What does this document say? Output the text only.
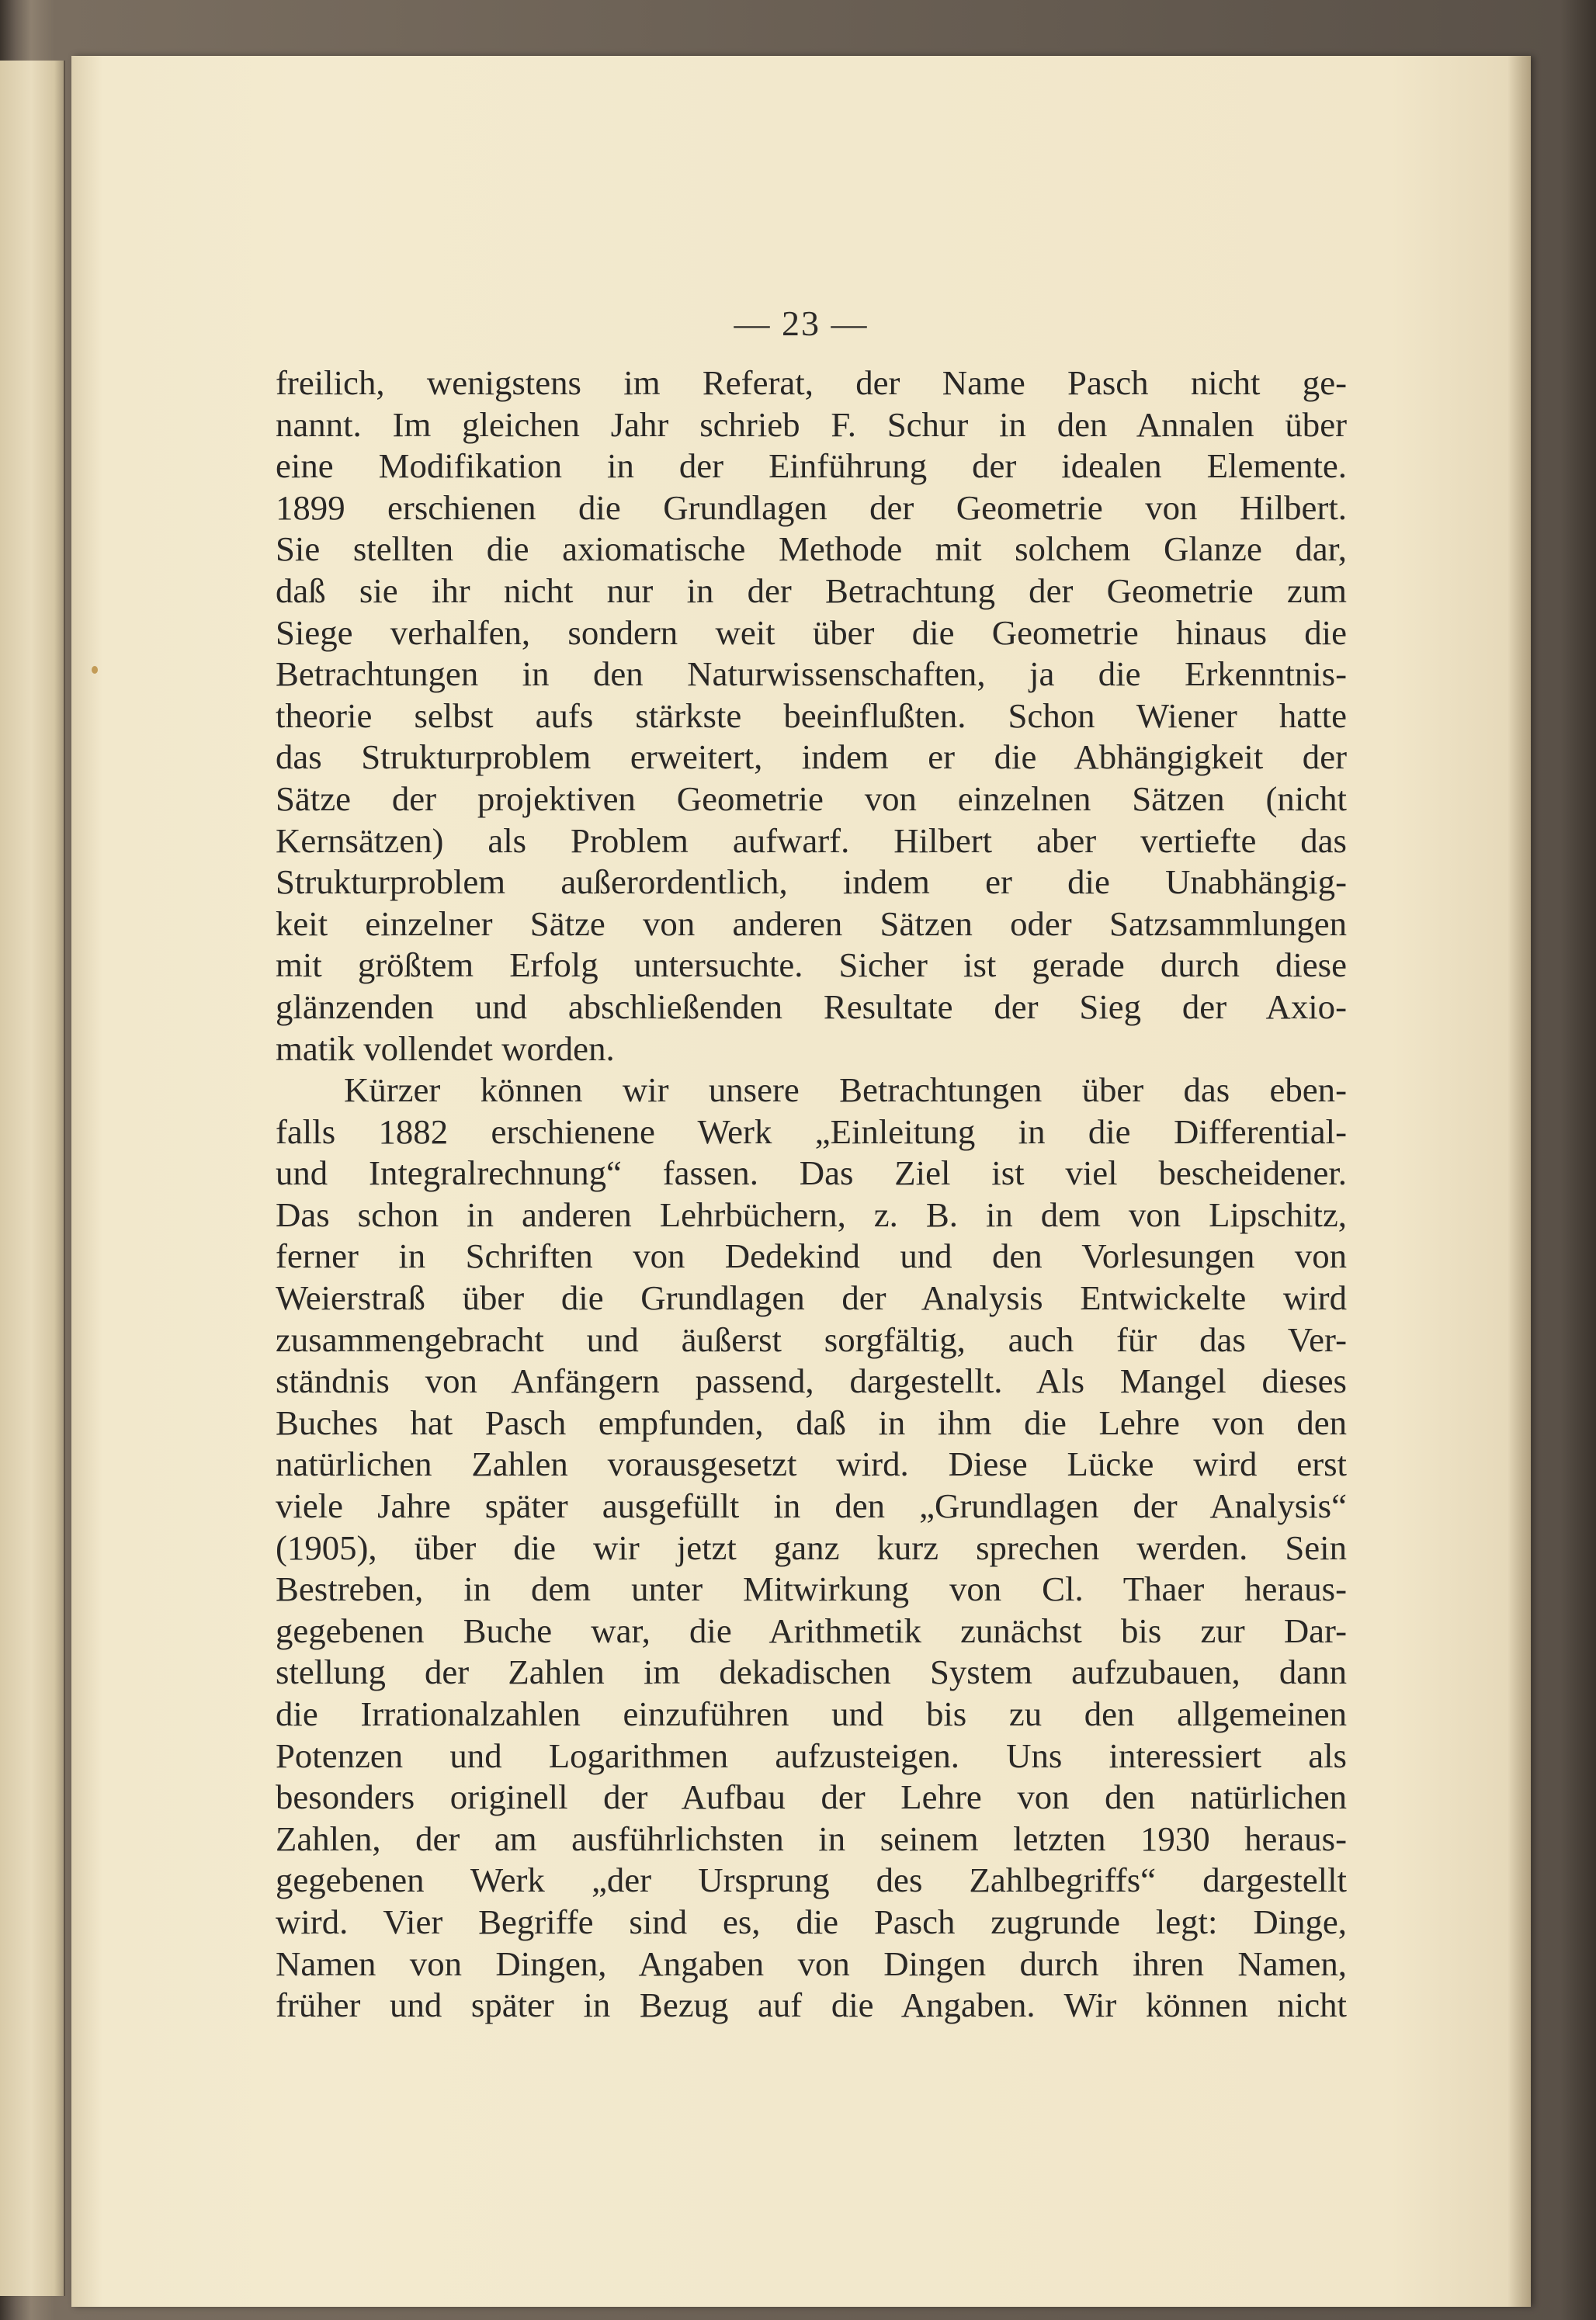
— 23 —
freilich, wenigstens im Referat, der Name Pasch nicht ge-
nannt. Im gleichen Jahr schrieb F. Schur in den Annalen über
eine Modifikation in der Einführung der idealen Elemente.
1899 erschienen die Grundlagen der Geometrie von Hilbert.
Sie stellten die axiomatische Methode mit solchem Glanze dar,
daß sie ihr nicht nur in der Betrachtung der Geometrie zum
Siege verhalfen, sondern weit über die Geometrie hinaus die
Betrachtungen in den Naturwissenschaften, ja die Erkenntnis-
theorie selbst aufs stärkste beeinflußten. Schon Wiener hatte
das Strukturproblem erweitert, indem er die Abhängigkeit der
Sätze der projektiven Geometrie von einzelnen Sätzen (nicht
Kernsätzen) als Problem aufwarf. Hilbert aber vertiefte das
Strukturproblem außerordentlich, indem er die Unabhängig-
keit einzelner Sätze von anderen Sätzen oder Satzsammlungen
mit größtem Erfolg untersuchte. Sicher ist gerade durch diese
glänzenden und abschließenden Resultate der Sieg der Axio-
matik vollendet worden.
Kürzer können wir unsere Betrachtungen über das eben-
falls 1882 erschienene Werk „Einleitung in die Differential-
und Integralrechnung“ fassen. Das Ziel ist viel bescheidener.
Das schon in anderen Lehrbüchern, z. B. in dem von Lipschitz,
ferner in Schriften von Dedekind und den Vorlesungen von
Weierstraß über die Grundlagen der Analysis Entwickelte wird
zusammengebracht und äußerst sorgfältig, auch für das Ver-
ständnis von Anfängern passend, dargestellt. Als Mangel dieses
Buches hat Pasch empfunden, daß in ihm die Lehre von den
natürlichen Zahlen vorausgesetzt wird. Diese Lücke wird erst
viele Jahre später ausgefüllt in den „Grundlagen der Analysis“
(1905), über die wir jetzt ganz kurz sprechen werden. Sein
Bestreben, in dem unter Mitwirkung von Cl. Thaer heraus-
gegebenen Buche war, die Arithmetik zunächst bis zur Dar-
stellung der Zahlen im dekadischen System aufzubauen, dann
die Irrationalzahlen einzuführen und bis zu den allgemeinen
Potenzen und Logarithmen aufzusteigen. Uns interessiert als
besonders originell der Aufbau der Lehre von den natürlichen
Zahlen, der am ausführlichsten in seinem letzten 1930 heraus-
gegebenen Werk „der Ursprung des Zahlbegriffs“ dargestellt
wird. Vier Begriffe sind es, die Pasch zugrunde legt: Dinge,
Namen von Dingen, Angaben von Dingen durch ihren Namen,
früher und später in Bezug auf die Angaben. Wir können nicht
